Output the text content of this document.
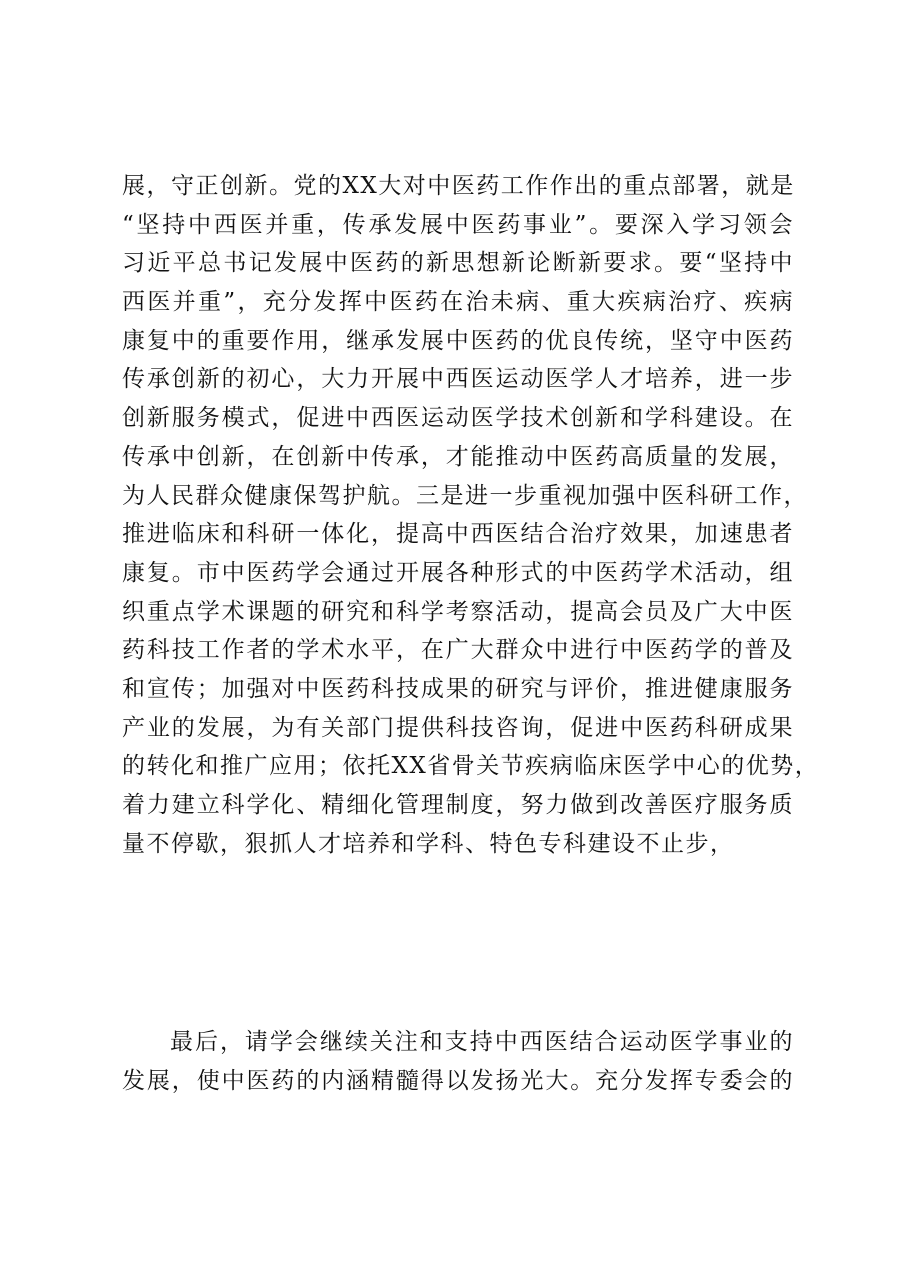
展，守正创新。党的XX大对中医药工作作出的重点部署，就是
“坚持中西医并重，传承发展中医药事业”。要深入学习领会
习近平总书记发展中医药的新思想新论断新要求。要“坚持中
西医并重”，充分发挥中医药在治未病、重大疾病治疗、疾病
康复中的重要作用，继承发展中医药的优良传统，坚守中医药
传承创新的初心，大力开展中西医运动医学人才培养，进一步
创新服务模式，促进中西医运动医学技术创新和学科建设。在
传承中创新，在创新中传承，才能推动中医药高质量的发展，
为人民群众健康保驾护航。三是进一步重视加强中医科研工作，
推进临床和科研一体化，提高中西医结合治疗效果，加速患者
康复。市中医药学会通过开展各种形式的中医药学术活动，组
织重点学术课题的研究和科学考察活动，提高会员及广大中医
药科技工作者的学术水平，在广大群众中进行中医药学的普及
和宣传；加强对中医药科技成果的研究与评价，推进健康服务
产业的发展，为有关部门提供科技咨询，促进中医药科研成果
的转化和推广应用；依托XX省骨关节疾病临床医学中心的优势，
着力建立科学化、精细化管理制度，努力做到改善医疗服务质
量不停歇，狠抓人才培养和学科、特色专科建设不止步，
最后，请学会继续关注和支持中西医结合运动医学事业的
发展，使中医药的内涵精髓得以发扬光大。充分发挥专委会的
